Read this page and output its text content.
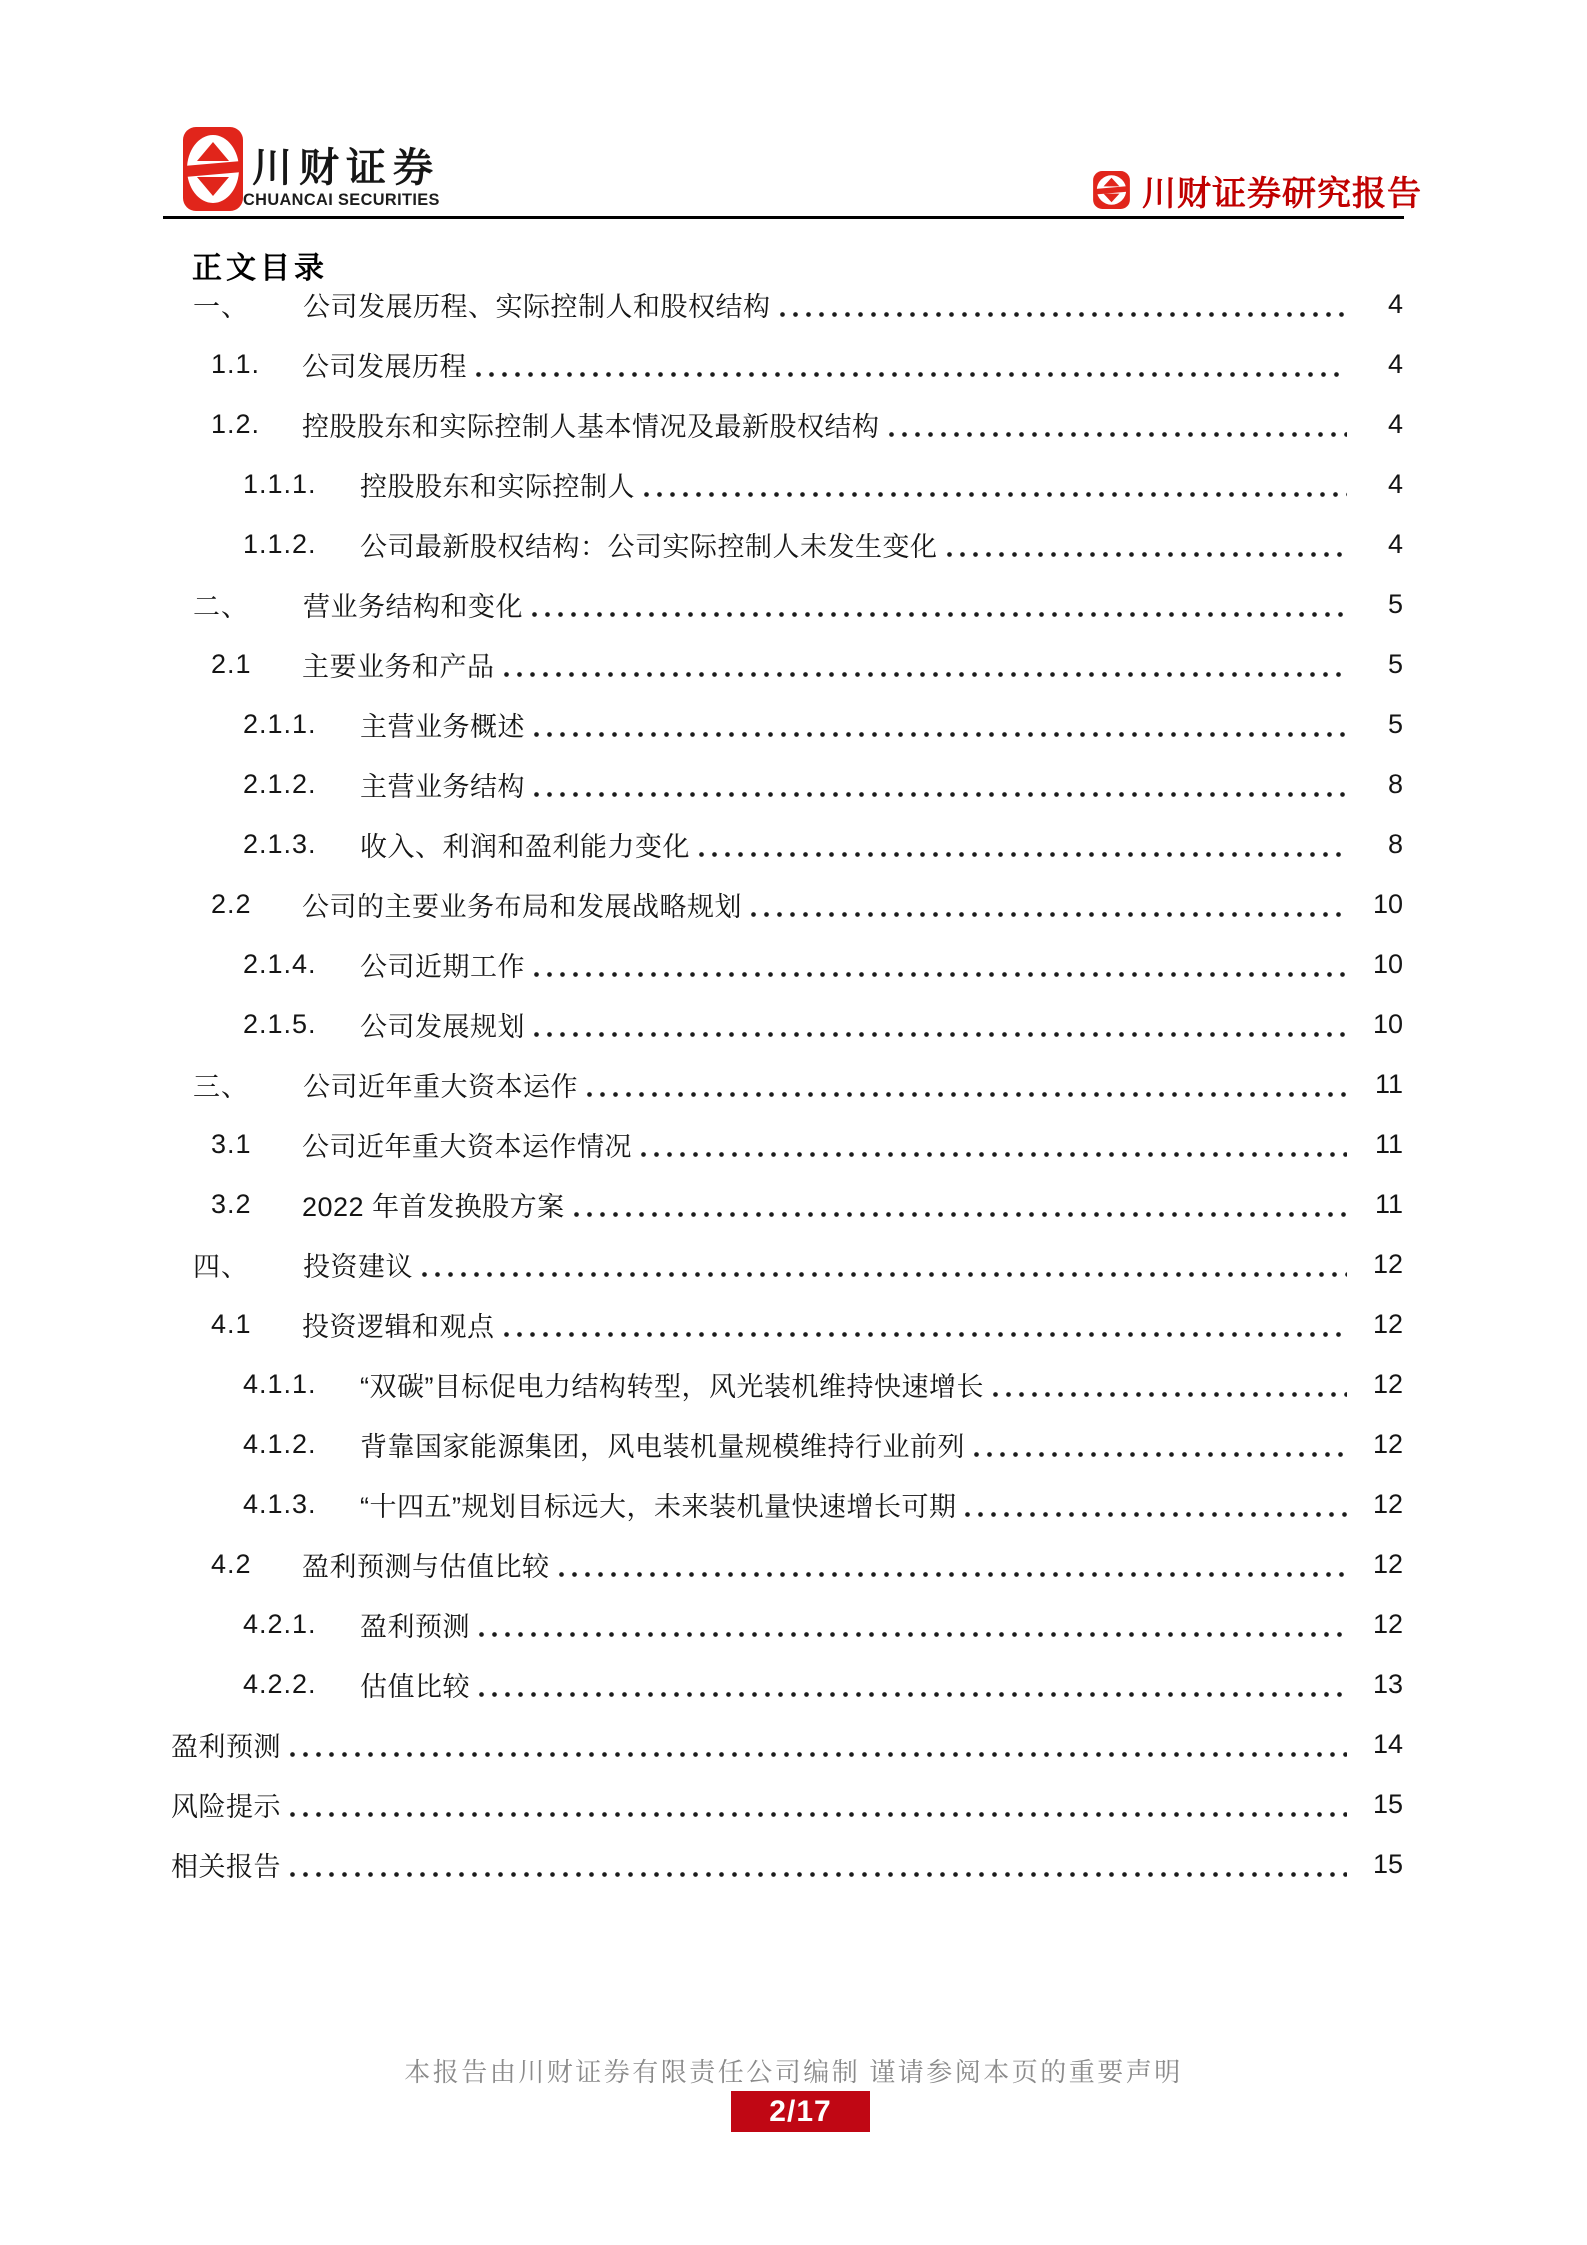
川财证券
CHUANCAI SECURITIES	川财证券研究报告
正文目录
一、	公司发展历程、实际控制人和股权结构	4
1.1.	公司发展历程	4
1.2.	控股股东和实际控制人基本情况及最新股权结构	4
1.1.1.	控股股东和实际控制人	4
1.1.2.	公司最新股权结构：公司实际控制人未发生变化	4
二、	营业务结构和变化	5
2.1	主要业务和产品	5
2.1.1.	主营业务概述	5
2.1.2.	主营业务结构	8
2.1.3.	收入、利润和盈利能力变化	8
2.2	公司的主要业务布局和发展战略规划	10
2.1.4.	公司近期工作	10
2.1.5.	公司发展规划	10
三、	公司近年重大资本运作	11
3.1	公司近年重大资本运作情况	11
3.2	2022 年首发换股方案	11
四、	投资建议	12
4.1	投资逻辑和观点	12
4.1.1.	“双碳”目标促电力结构转型，风光装机维持快速增长	12
4.1.2.	背靠国家能源集团，风电装机量规模维持行业前列	12
4.1.3.	“十四五”规划目标远大，未来装机量快速增长可期	12
4.2	盈利预测与估值比较	12
4.2.1.	盈利预测	12
4.2.2.	估值比较	13
盈利预测	14
风险提示	15
相关报告	15
本报告由川财证券有限责任公司编制 谨请参阅本页的重要声明
2/17
